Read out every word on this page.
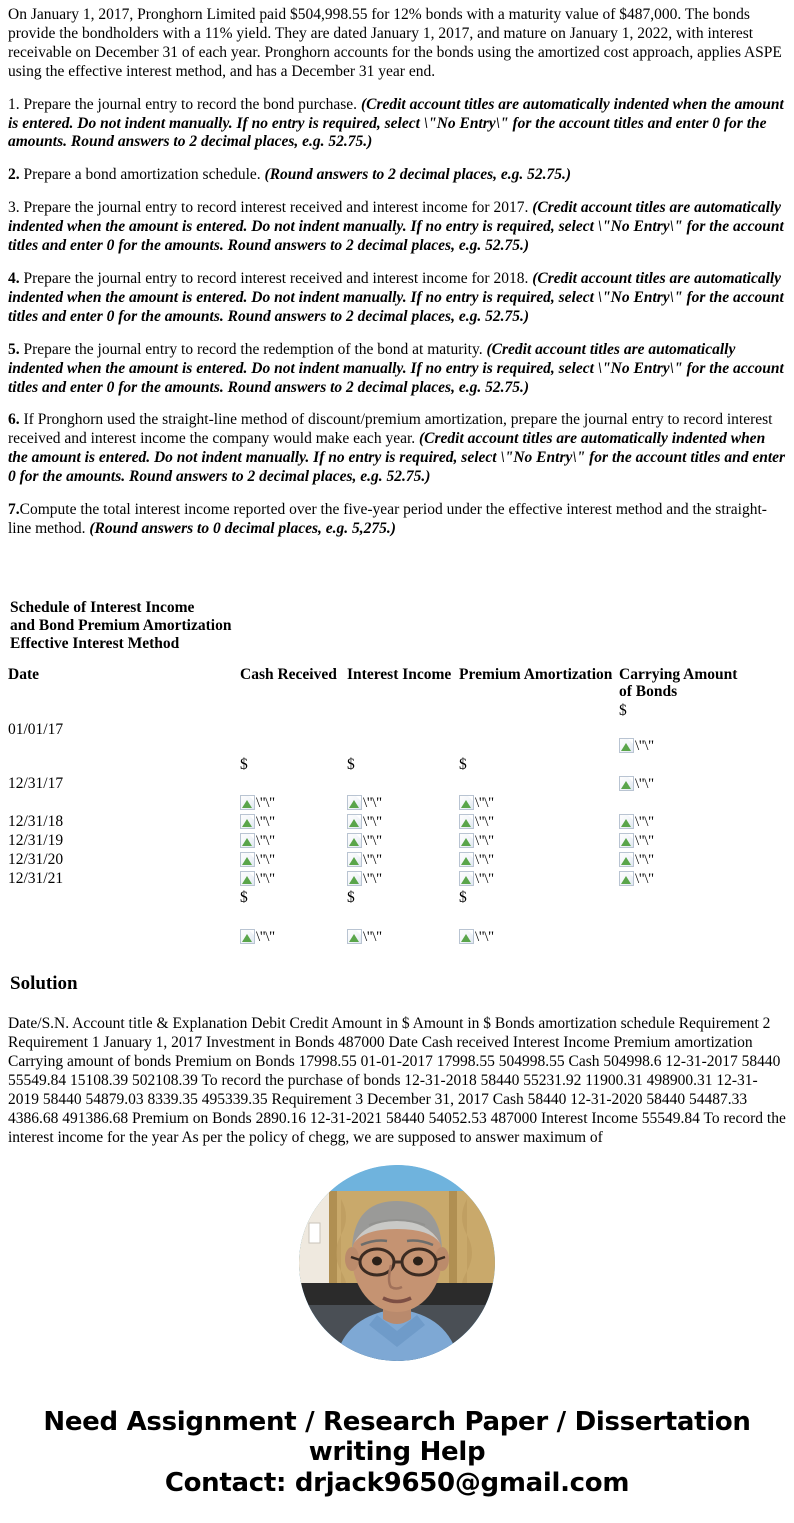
On January 1, 2017, Pronghorn Limited paid $504,998.55 for 12% bonds with a maturity value of $487,000. The bonds provide the bondholders with a 11% yield. They are dated January 1, 2017, and mature on January 1, 2022, with interest receivable on December 31 of each year. Pronghorn accounts for the bonds using the amortized cost approach, applies ASPE using the effective interest method, and has a December 31 year end.

1. Prepare the journal entry to record the bond purchase. (Credit account titles are automatically indented when the amount is entered. Do not indent manually. If no entry is required, select \"No Entry\" for the account titles and enter 0 for the amounts. Round answers to 2 decimal places, e.g. 52.75.)

2. Prepare a bond amortization schedule. (Round answers to 2 decimal places, e.g. 52.75.)

3. Prepare the journal entry to record interest received and interest income for 2017. (Credit account titles are automatically indented when the amount is entered. Do not indent manually. If no entry is required, select \"No Entry\" for the account titles and enter 0 for the amounts. Round answers to 2 decimal places, e.g. 52.75.)

4. Prepare the journal entry to record interest received and interest income for 2018. (Credit account titles are automatically indented when the amount is entered. Do not indent manually. If no entry is required, select \"No Entry\" for the account titles and enter 0 for the amounts. Round answers to 2 decimal places, e.g. 52.75.)

5. Prepare the journal entry to record the redemption of the bond at maturity. (Credit account titles are automatically indented when the amount is entered. Do not indent manually. If no entry is required, select \"No Entry\" for the account titles and enter 0 for the amounts. Round answers to 2 decimal places, e.g. 52.75.)

6. If Pronghorn used the straight-line method of discount/premium amortization, prepare the journal entry to record interest received and interest income the company would make each year. (Credit account titles are automatically indented when the amount is entered. Do not indent manually. If no entry is required, select \"No Entry\" for the account titles and enter 0 for the amounts. Round answers to 2 decimal places, e.g. 52.75.)

7.Compute the total interest income reported over the five-year period under the effective interest method and the straight-line method. (Round answers to 0 decimal places, e.g. 5,275.)

Schedule of Interest Income
and Bond Premium Amortization
Effective Interest Method
Date	Cash Received	Interest Income	Premium Amortization	Carrying Amount
of Bonds
				$
01/01/17				\"\"
	$	$	$	
12/31/17	\"\"	\"\"	\"\"	\"\"
12/31/18	\"\"	\"\"	\"\"	\"\"
12/31/19	\"\"	\"\"	\"\"	\"\"
12/31/20	\"\"	\"\"	\"\"	\"\"
12/31/21	\"\"	\"\"	\"\"	\"\"
	$	$	$	

\"\"	\"\"	\"\"	
Solution

Date/S.N. Account title & Explanation Debit Credit Amount in $ Amount in $ Bonds amortization schedule Requirement 2 Requirement 1 January 1, 2017 Investment in Bonds 487000 Date Cash received Interest Income Premium amortization Carrying amount of bonds Premium on Bonds 17998.55 01-01-2017 17998.55 504998.55 Cash 504998.6 12-31-2017 58440 55549.84 15108.39 502108.39 To record the purchase of bonds 12-31-2018 58440 55231.92 11900.31 498900.31 12-31-2019 58440 54879.03 8339.35 495339.35 Requirement 3 December 31, 2017 Cash 58440 12-31-2020 58440 54487.33 4386.68 491386.68 Premium on Bonds 2890.16 12-31-2021 58440 54052.53 487000 Interest Income 55549.84 To record the interest income for the year As per the policy of chegg, we are supposed to answer maximum of

Need Assignment / Research Paper / Dissertation writing Help
Contact: drjack9650@gmail.com
